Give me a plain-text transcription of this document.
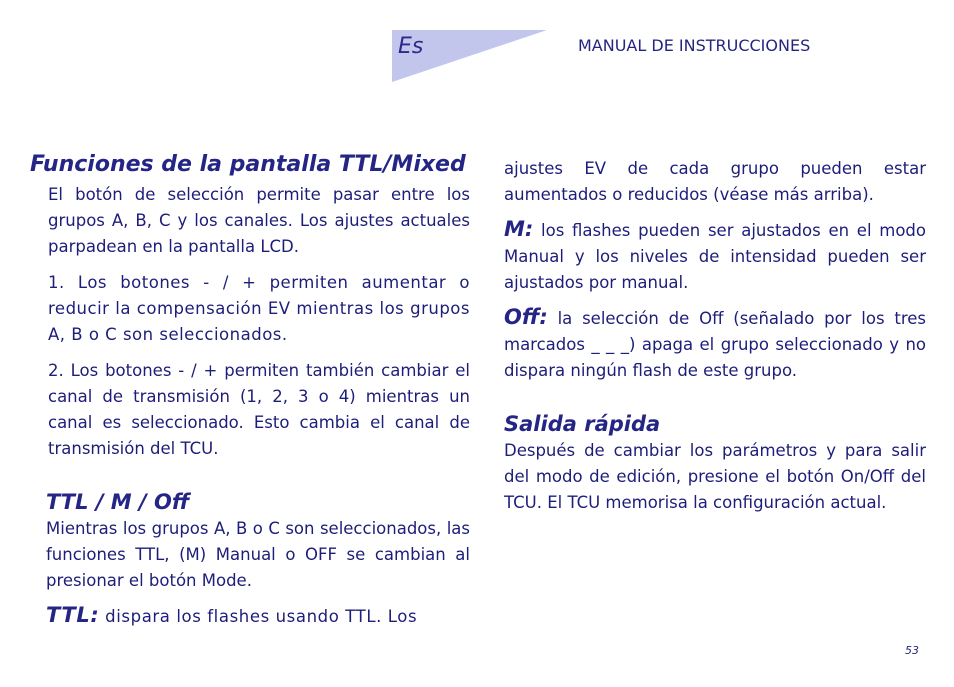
Es	MANUAL DE INSTRUCCIONES
Funciones de la pantalla TTL/Mixed

El botón de selección permite pasar entre los grupos A, B, C y los canales. Los ajustes actuales parpadean en la pantalla LCD.

1. Los botones - / + permiten aumentar o reducir la compensación EV mientras los grupos A, B o C son seleccionados.

2. Los botones - / + permiten también cambiar el canal de transmisión (1, 2, 3 o 4) mientras un canal es seleccionado. Esto cambia el canal de transmisión del TCU.

TTL / M / Off

Mientras los grupos A, B o C son seleccionados, las funciones TTL, (M) Manual o OFF se cambian al presionar el botón Mode.

TTL: dispara los flashes usando TTL. Los

ajustes EV de cada grupo pueden estar aumentados o reducidos (véase más arriba).

M: los flashes pueden ser ajustados en el modo Manual y los niveles de intensidad pueden ser ajustados por manual.

Off: la selección de Off (señalado por los tres marcados _ _ _) apaga el grupo seleccionado y no dispara ningún flash de este grupo.

Salida rápida

Después de cambiar los parámetros y para salir del modo de edición, presione el botón On/Off del TCU. El TCU memorisa la configuración actual.

53
